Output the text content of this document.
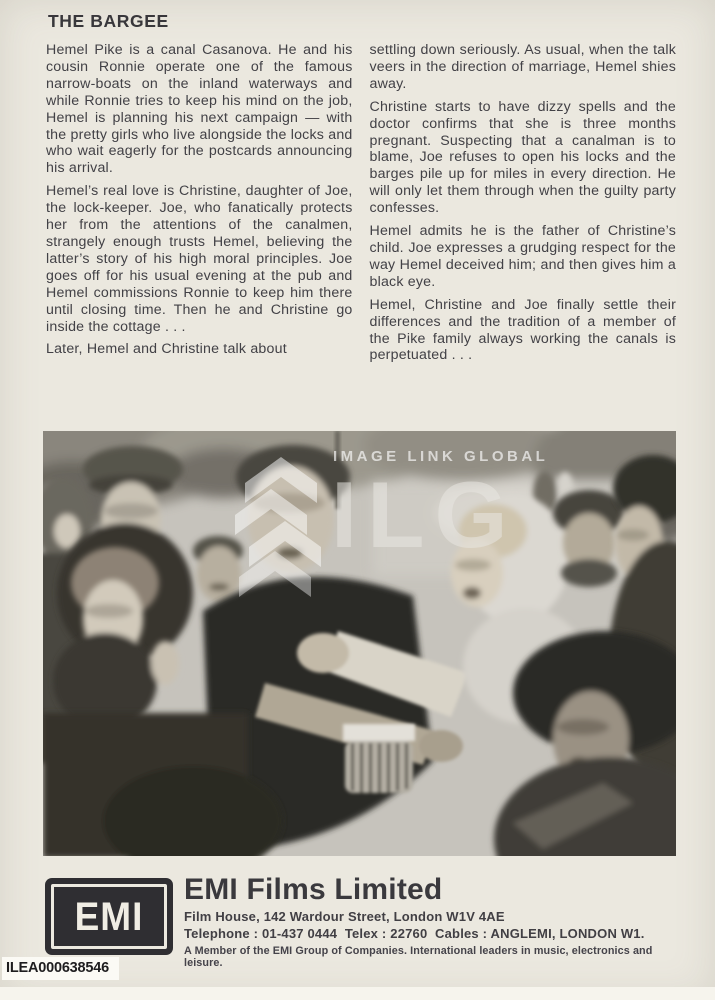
THE BARGEE

Hemel Pike is a canal Casanova. He and his cousin Ronnie operate one of the famous narrow-boats on the inland waterways and while Ronnie tries to keep his mind on the job, Hemel is planning his next campaign — with the pretty girls who live alongside the locks and who wait eagerly for the postcards announcing his arrival.

Hemel’s real love is Christine, daughter of Joe, the lock-keeper. Joe, who fanatically protects her from the attentions of the canalmen, strangely enough trusts Hemel, believing the latter’s story of his high moral principles. Joe goes off for his usual evening at the pub and Hemel commissions Ronnie to keep him there until closing time. Then he and Christine go inside the cottage . . .

Later, Hemel and Christine talk about

settling down seriously. As usual, when the talk veers in the direction of marriage, Hemel shies away.

Christine starts to have dizzy spells and the doctor confirms that she is three months pregnant. Suspecting that a canalman is to blame, Joe refuses to open his locks and the barges pile up for miles in every direction. He will only let them through when the guilty party confesses.

Hemel admits he is the father of Christine’s child. Joe expresses a grudging respect for the way Hemel deceived him; and then gives him a black eye.

Hemel, Christine and Joe finally settle their differences and the tradition of a member of the Pike family always working the canals is perpetuated . . .

IMAGE LINK GLOBAL
ILG
EMI

EMI Films Limited

Film House, 142 Wardour Street, London W1V 4AE

Telephone : 01-437 0444  Telex : 22760  Cables : ANGLEMI, LONDON W1.

A Member of the EMI Group of Companies. International leaders in music, electronics and leisure.

ILEA000638546
